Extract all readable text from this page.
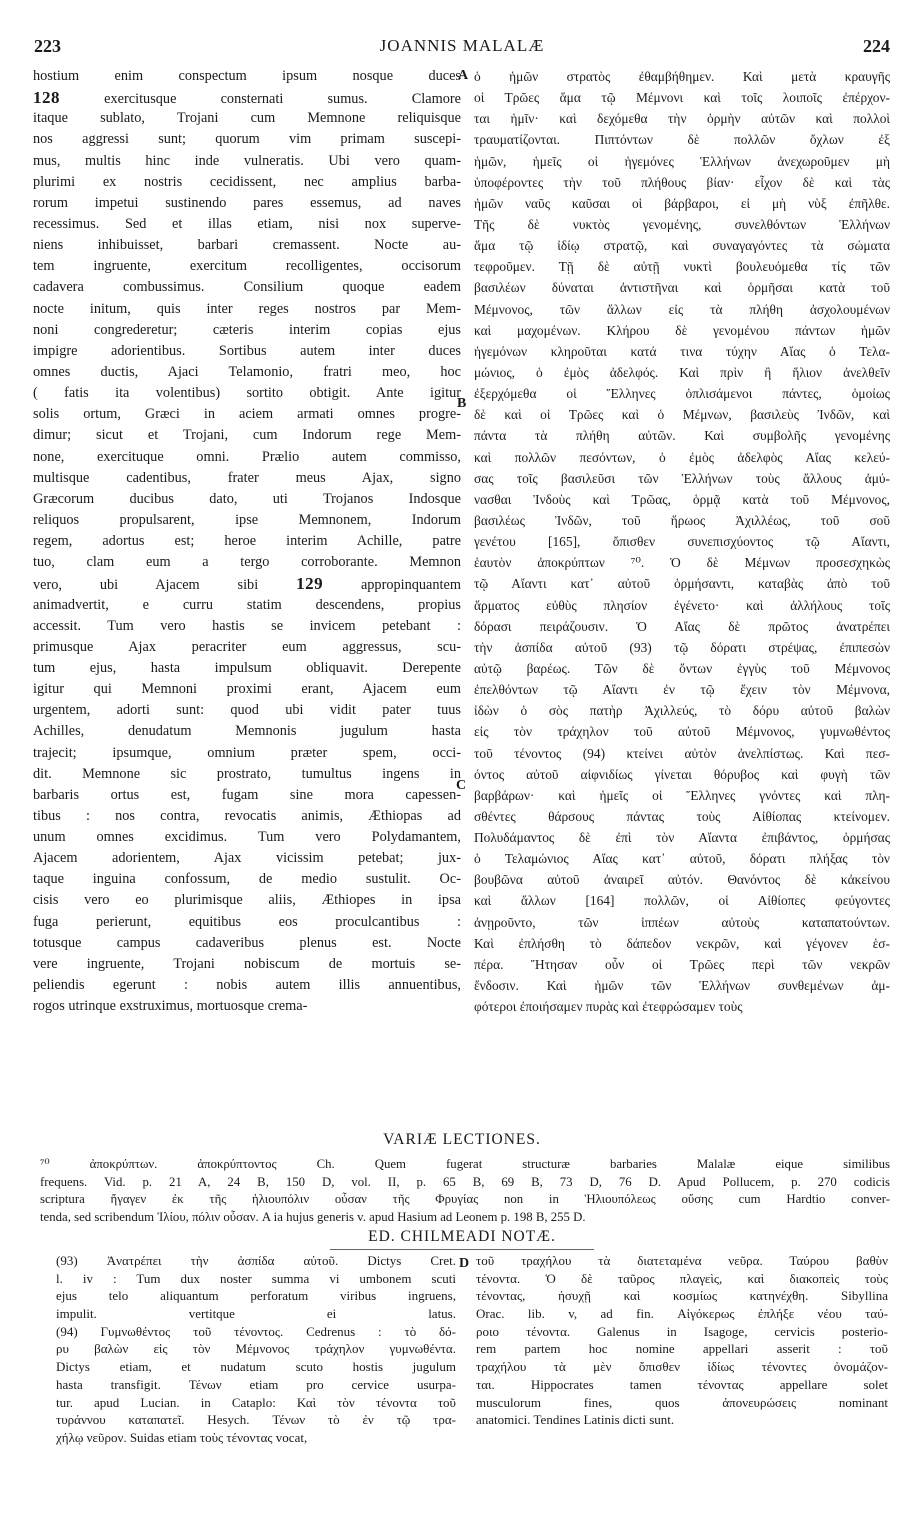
223	JOANNIS MALALÆ	224
hostium enim conspectum ipsum nosque duces
128	exercitusque consternati sumus. Clamore
itaque sublato, Trojani cum Memnone reliquisque
nos aggressi sunt; quorum vim primam suscepi-
mus, multis hinc inde vulneratis. Ubi vero quam-
plurimi ex nostris cecidissent, nec amplius barba-
rorum impetui sustinendo pares essemus, ad naves
recessimus. Sed et illas etiam, nisi nox superve-
niens inhibuisset, barbari cremassent. Nocte au-
tem ingruente, exercitum recolligentes, occisorum
cadavera combussimus. Consilium quoque eadem
nocte initum, quis inter reges nostros par Mem-
noni congrederetur; cæteris interim copias ejus
impigre adorientibus. Sortibus autem inter duces
omnes ductis, Ajaci Telamonio, fratri meo, hoc
( fatis ita volentibus) sortito obtigit. Ante igitur
solis ortum, Græci in aciem armati omnes progre-
dimur; sicut et Trojani, cum Indorum rege Mem-
none, exercituque omni. Prælio autem commisso,
multisque cadentibus, frater meus Ajax, signo
Græcorum ducibus dato, uti Trojanos Indosque
reliquos propulsarent, ipse Memnonem, Indorum
regem, adortus est; heroe interim Achille, patre
tuo, clam eum a tergo corroborante. Memnon
vero, ubi Ajacem sibi 129	appropinquantem
animadvertit, e curru statim descendens, propius
accessit. Tum vero hastis se invicem petebant :
primusque Ajax peracriter eum aggressus, scu-
tum ejus, hasta impulsum obliquavit. Derepente
igitur qui Memnoni proximi erant, Ajacem eum
urgentem, adorti sunt: quod ubi vidit pater tuus
Achilles, denudatum Memnonis jugulum hasta
trajecit; ipsumque, omnium præter spem, occi-
dit. Memnone sic prostrato, tumultus ingens in
barbaris ortus est, fugam sine mora capessen-
tibus : nos contra, revocatis animis, Æthiopas ad
unum omnes excidimus. Tum vero Polydamantem,
Ajacem adorientem, Ajax vicissim petebat; jux-
taque inguina confossum, de medio sustulit. Oc-
cisis vero eo plurimisque aliis, Æthiopes in ipsa
fuga perierunt, equitibus eos proculcantibus :
totusque campus cadaveribus plenus est. Nocte
vere ingruente, Trojani nobiscum de mortuis se-
peliendis egerunt : nobis autem illis annuentibus,
rogos utrinque exstruximus, mortuosque crema-
ὁ ἡμῶν στρατὸς ἐθαμβήθημεν. Καὶ μετὰ κραυγῆς
οἱ Τρῶες ἅμα τῷ Μέμνονι καὶ τοῖς λοιποῖς ἐπέρχον-
ται ἡμῖν· καὶ δεχόμεθα τὴν ὁρμὴν αὐτῶν καὶ πολλοὶ
τραυματίζονται. Πιπτόντων δὲ πολλῶν ὄχλων ἐξ
ἡμῶν, ἡμεῖς οἱ ἡγεμόνες Ἑλλήνων ἀνεχωροῦμεν μὴ
ὑποφέροντες τὴν τοῦ πλήθους βίαν· εἶχον δὲ καὶ τὰς
ἡμῶν ναῦς καῦσαι οἱ βάρβαροι, εἰ μὴ νὺξ ἐπῆλθε.
Τῆς δὲ νυκτὸς γενομένης, συνελθόντων Ἑλλήνων
ἅμα τῷ ἰδίῳ στρατῷ, καὶ συναγαγόντες τὰ σώματα
τεφροῦμεν. Τῇ δὲ αὐτῇ νυκτὶ βουλευόμεθα τίς τῶν
βασιλέων δύναται ἀντιστῆναι καὶ ὁρμῆσαι κατὰ τοῦ
Μέμνονος, τῶν ἄλλων εἰς τὰ πλήθη ἀσχολουμένων
καὶ μαχομένων. Κλήρου δὲ γενομένου πάντων ἡμῶν
ἡγεμόνων κληροῦται κατά τινα τύχην Αἴας ὁ Τελα-
μώνιος, ὁ ἐμὸς ἀδελφός. Καὶ πρὶν ἢ ἥλιον ἀνελθεῖν
ἐξερχόμεθα οἱ Ἕλληνες ὁπλισάμενοι πάντες, ὁμοίως
δὲ καὶ οἱ Τρῶες καὶ ὁ Μέμνων, βασιλεὺς Ἰνδῶν, καὶ
πάντα τὰ πλήθη αὐτῶν. Καὶ συμβολῆς γενομένης
καὶ πολλῶν πεσόντων, ὁ ἐμὸς ἀδελφὸς Αἴας κελεύ-
σας τοῖς βασιλεῦσι τῶν Ἑλλήνων τοὺς ἄλλους ἀμύ-
νασθαι Ἰνδοὺς καὶ Τρῶας, ὁρμᾷ κατὰ τοῦ Μέμνονος,
βασιλέως Ἰνδῶν, τοῦ ἥρωος Ἀχιλλέως, τοῦ σοῦ
γενέτου [165], ὄπισθεν συνεπισχύοντος τῷ Αἴαντι,
ἑαυτὸν ἀποκρύπτων ⁷⁰. Ὁ δὲ Μέμνων προσεσχηκὼς
τῷ Αἴαντι κατ᾽ αὐτοῦ ὁρμήσαντι, καταβὰς ἀπὸ τοῦ
ἅρματος εὐθὺς πλησίον ἐγένετο· καὶ ἀλλήλους τοῖς
δόρασι πειράζουσιν. Ὁ Αἴας δὲ πρῶτος ἀνατρέπει
τὴν ἀσπίδα αὐτοῦ (93) τῷ δόρατι στρέψας, ἐπιπεσὼν
αὐτῷ βαρέως. Τῶν δὲ ὄντων ἐγγὺς τοῦ Μέμνονος
ἐπελθόντων τῷ Αἴαντι ἐν τῷ ἔχειν τὸν Μέμνονα,
ἰδὼν ὁ σὸς πατὴρ Ἀχιλλεύς, τὸ δόρυ αὐτοῦ βαλὼν
εἰς τὸν τράχηλον τοῦ αὐτοῦ Μέμνονος, γυμνωθέντος
τοῦ τένοντος (94) κτείνει αὐτὸν ἀνελπίστως. Καὶ πεσ-
όντος αὐτοῦ αἰφνιδίως γίνεται θόρυβος καὶ φυγὴ τῶν
βαρβάρων· καὶ ἡμεῖς οἱ Ἕλληνες γνόντες καὶ πλη-
σθέντες θάρσους πάντας τοὺς Αἰθίοπας κτείνομεν.
Πολυδάμαντος δὲ ἐπὶ τὸν Αἴαντα ἐπιβάντος, ὁρμήσας
ὁ Τελαμώνιος Αἴας κατ᾽ αὐτοῦ, δόρατι πλήξας τὸν
βουβῶνα αὐτοῦ ἀναιρεῖ αὐτόν. Θανόντος δὲ κἀκείνου
καὶ ἄλλων [164] πολλῶν, οἱ Αἰθίοπες φεύγοντες
ἀνῃροῦντο, τῶν ἱππέων αὐτοὺς καταπατούντων.
Καὶ ἐπλήσθη τὸ δάπεδον νεκρῶν, καὶ γέγονεν ἑσ-
πέρα. Ἤτησαν οὖν οἱ Τρῶες περὶ τῶν νεκρῶν
ἔνδοσιν. Καὶ ἡμῶν τῶν Ἑλλήνων συνθεμένων ἀμ-
φότεροι ἐποιήσαμεν πυρὰς καὶ ἐτεφρώσαμεν τοὺς
A
B
C
D
VARIÆ LECTIONES.
⁷⁰ ἀποκρύπτων. ἀποκρύπτοντος Ch. Quem fugerat structuræ barbaries Malalæ eique similibus
frequens. Vid. p. 21 A, 24 B, 150 D, vol. II, p. 65 B, 69 B, 73 D, 76 D. Apud Pollucem, p. 270 codicis
scriptura ἤγαγεν ἐκ τῆς ἡλιουπόλιν οὖσαν τῆς Φρυγίας non in Ἡλιουπόλεως οὔσης cum Hardtio conver-
tenda, sed scribendum Ἰλίου, πόλιν οὖσαν. A ia hujus generis v. apud Hasium ad Leonem p. 198 B, 255 D.
ED. CHILMEADI NOTÆ.
(93) Ἀνατρέπει τὴν ἀσπίδα αὐτοῦ. Dictys Cret.
l. iv : Tum dux noster summa vi umbonem scuti
ejus telo aliquantum perforatum viribus ingruens,
impulit. vertitque ei latus.
(94) Γυμνωθέντος τοῦ τένοντος. Cedrenus : τὸ δό-
ρυ βαλὼν εἰς τὸν Μέμνονος τράχηλον γυμνωθέντα.
Dictys etiam, et nudatum scuto hostis jugulum
hasta transfigit. Τένων etiam pro cervice usurpa-
tur. apud Lucian. in Cataplo: Καὶ τὸν τένοντα τοῦ
τυράννου καταπατεῖ. Hesych. Τένων τὸ ἐν τῷ τρα-
χήλῳ νεῦρον. Suidas etiam τοὺς τένοντας vocat,
τοῦ τραχήλου τὰ διατεταμένα νεῦρα. Ταύρου βαθὺν
τένοντα. Ὁ δὲ ταῦρος πλαγεὶς, καὶ διακοπεὶς τοὺς
τένοντας, ἡσυχῇ καὶ κοσμίως κατηνέχθη. Sibyllina
Orac. lib. v, ad fin. Αἰγόκερως ἐπλήξε νέου ταύ-
ροιο τένοντα. Galenus in Isagoge, cervicis posterio-
rem partem hoc nomine appellari asserit : τοῦ
τραχήλου τὰ μὲν ὄπισθεν ἰδίως τένοντες ὀνομάζον-
ται. Hippocrates tamen τένοντας appellare solet
musculorum fines, quos ἀπονευρώσεις nominant
anatomici. Tendines Latinis dicti sunt.
